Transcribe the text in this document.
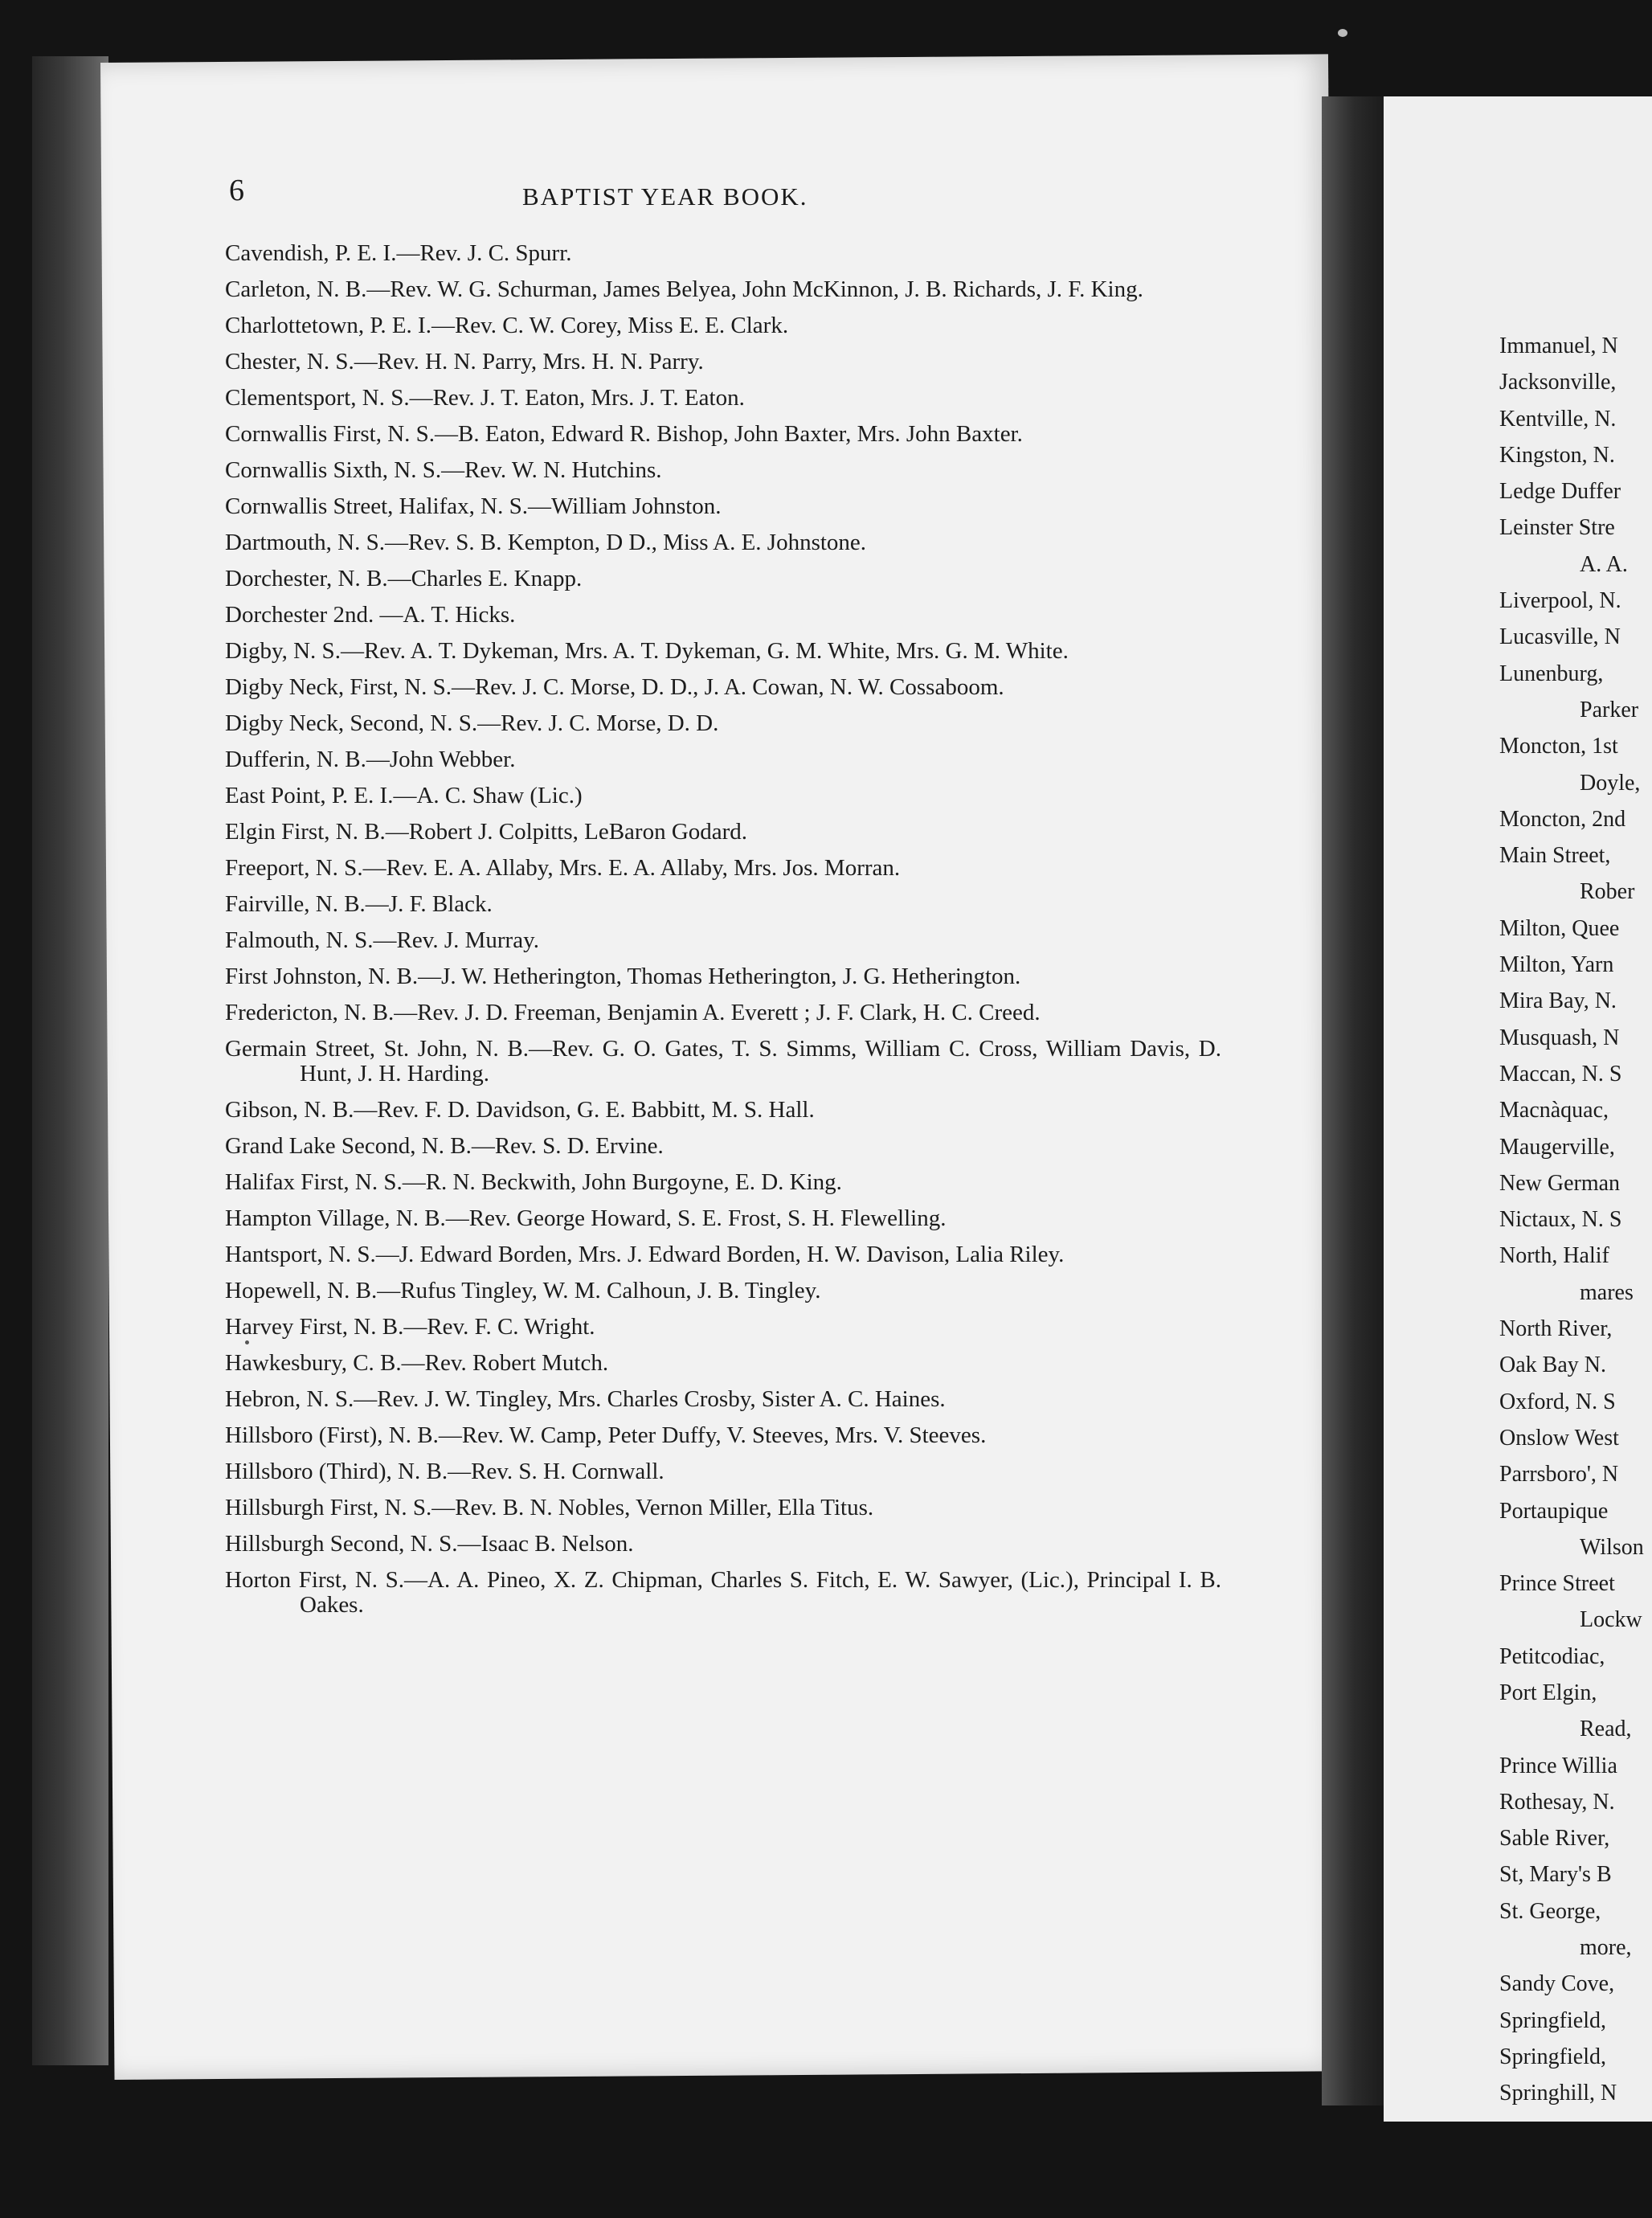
6	BAPTIST YEAR BOOK.
Cavendish, P. E. I.—Rev. J. C. Spurr.
Carleton, N. B.—Rev. W. G. Schurman, James Belyea, John McKinnon, J. B. Richards, J. F. King.
Charlottetown, P. E. I.—Rev. C. W. Corey, Miss E. E. Clark.
Chester, N. S.—Rev. H. N. Parry, Mrs. H. N. Parry.
Clementsport, N. S.—Rev. J. T. Eaton, Mrs. J. T. Eaton.
Cornwallis First, N. S.—B. Eaton, Edward R. Bishop, John Baxter, Mrs. John Baxter.
Cornwallis Sixth, N. S.—Rev. W. N. Hutchins.
Cornwallis Street, Halifax, N. S.—William Johnston.
Dartmouth, N. S.—Rev. S. B. Kempton, D D., Miss A. E. Johnstone.
Dorchester, N. B.—Charles E. Knapp.
Dorchester 2nd. —A. T. Hicks.
Digby, N. S.—Rev. A. T. Dykeman, Mrs. A. T. Dykeman, G. M. White, Mrs. G. M. White.
Digby Neck, First, N. S.—Rev. J. C. Morse, D. D., J. A. Cowan, N. W. Cossaboom.
Digby Neck, Second, N. S.—Rev. J. C. Morse, D. D.
Dufferin, N. B.—John Webber.
East Point, P. E. I.—A. C. Shaw (Lic.)
Elgin First, N. B.—Robert J. Colpitts, LeBaron Godard.
Freeport, N. S.—Rev. E. A. Allaby, Mrs. E. A. Allaby, Mrs. Jos. Morran.
Fairville, N. B.—J. F. Black.
Falmouth, N. S.—Rev. J. Murray.
First Johnston, N. B.—J. W. Hetherington, Thomas Hetherington, J. G. Hetherington.
Fredericton, N. B.—Rev. J. D. Freeman, Benjamin A. Everett ; J. F. Clark, H. C. Creed.
Germain Street, St. John, N. B.—Rev. G. O. Gates, T. S. Simms, William C. Cross, William Davis, D. Hunt, J. H. Harding.
Gibson, N. B.—Rev. F. D. Davidson, G. E. Babbitt, M. S. Hall.
Grand Lake Second, N. B.—Rev. S. D. Ervine.
Halifax First, N. S.—R. N. Beckwith, John Burgoyne, E. D. King.
Hampton Village, N. B.—Rev. George Howard, S. E. Frost, S. H. Flewelling.
Hantsport, N. S.—J. Edward Borden, Mrs. J. Edward Borden, H. W. Davison, Lalia Riley.
Hopewell, N. B.—Rufus Tingley, W. M. Calhoun, J. B. Tingley.
Harvey First, N. B.—Rev. F. C. Wright.
Hawkesbury, C. B.—Rev. Robert Mutch.
Hebron, N. S.—Rev. J. W. Tingley, Mrs. Charles Crosby, Sister A. C. Haines.
Hillsboro (First), N. B.—Rev. W. Camp, Peter Duffy, V. Steeves, Mrs. V. Steeves.
Hillsboro (Third), N. B.—Rev. S. H. Cornwall.
Hillsburgh First, N. S.—Rev. B. N. Nobles, Vernon Miller, Ella Titus.
Hillsburgh Second, N. S.—Isaac B. Nelson.
Horton First, N. S.—A. A. Pineo, X. Z. Chipman, Charles S. Fitch, E. W. Sawyer, (Lic.), Principal I. B. Oakes.
Immanuel, N
Jacksonville,
Kentville, N.
Kingston, N.
Ledge Duffer
Leinster Stre
A. A.
Liverpool, N.
Lucasville, N
Lunenburg,
Parker
Moncton, 1st
Doyle,
Moncton, 2nd
Main Street,
Rober
Milton, Quee
Milton, Yarn
Mira Bay, N.
Musquash, N
Maccan, N. S
Macnàquac,
Maugerville,
New German
Nictaux, N. S
North, Halif
mares
North River,
Oak Bay N.
Oxford, N. S
Onslow West
Parrsboro', N
Portaupique
Wilson
Prince Street
Lockw
Petitcodiac,
Port Elgin,
Read,
Prince Willia
Rothesay, N.
Sable River,
St, Mary's B
St. George,
more,
Sandy Cove,
Springfield,
Springfield,
Springhill, N
